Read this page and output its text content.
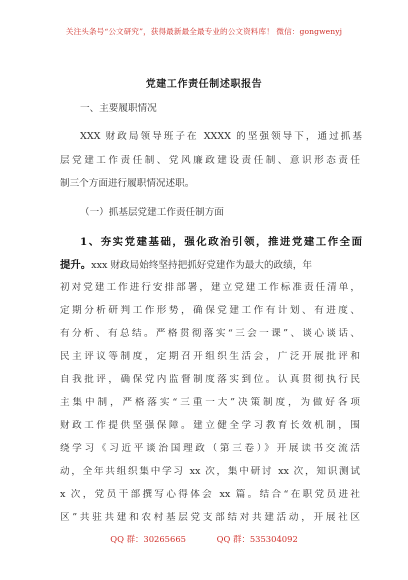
关注头条号“公文研究”，获得最新最全最专业的公文资料库！ 微信：gongwenyj
党建工作责任制述职报告
一、主要履职情况
XXX 财政局领导班子在 XXXX 的坚强领导下，通过抓基
层党建工作责任制、党风廉政建设责任制、意识形态责任
制三个方面进行履职情况述职。
（一）抓基层党建工作责任制方面
1、夯实党建基础，强化政治引领，推进党建工作全面
提升。xxx 财政局始终坚持把抓好党建作为最大的政绩，年
初对党建工作进行安排部署，建立党建工作标准责任清单，
定期分析研判工作形势，确保党建工作有计划、有进度、
有分析、有总结。严格贯彻落实“三会一课”、谈心谈话、
民主评议等制度，定期召开组织生活会，广泛开展批评和
自我批评，确保党内监督制度落实到位。认真贯彻执行民
主集中制，严格落实“三重一大”决策制度，为做好各项
财政工作提供坚强保障。建立健全学习教育长效机制，围
绕学习《习近平谈治国理政（第三卷）》开展读书交流活
动，全年共组织集中学习 xx 次，集中研讨 xx 次，知识测试
x 次，党员干部撰写心得体会 xx 篇。结合“在职党员进社
区”共驻共建和农村基层党支部结对共建活动，开展社区
QQ 群：30265665	QQ 群：535304092
